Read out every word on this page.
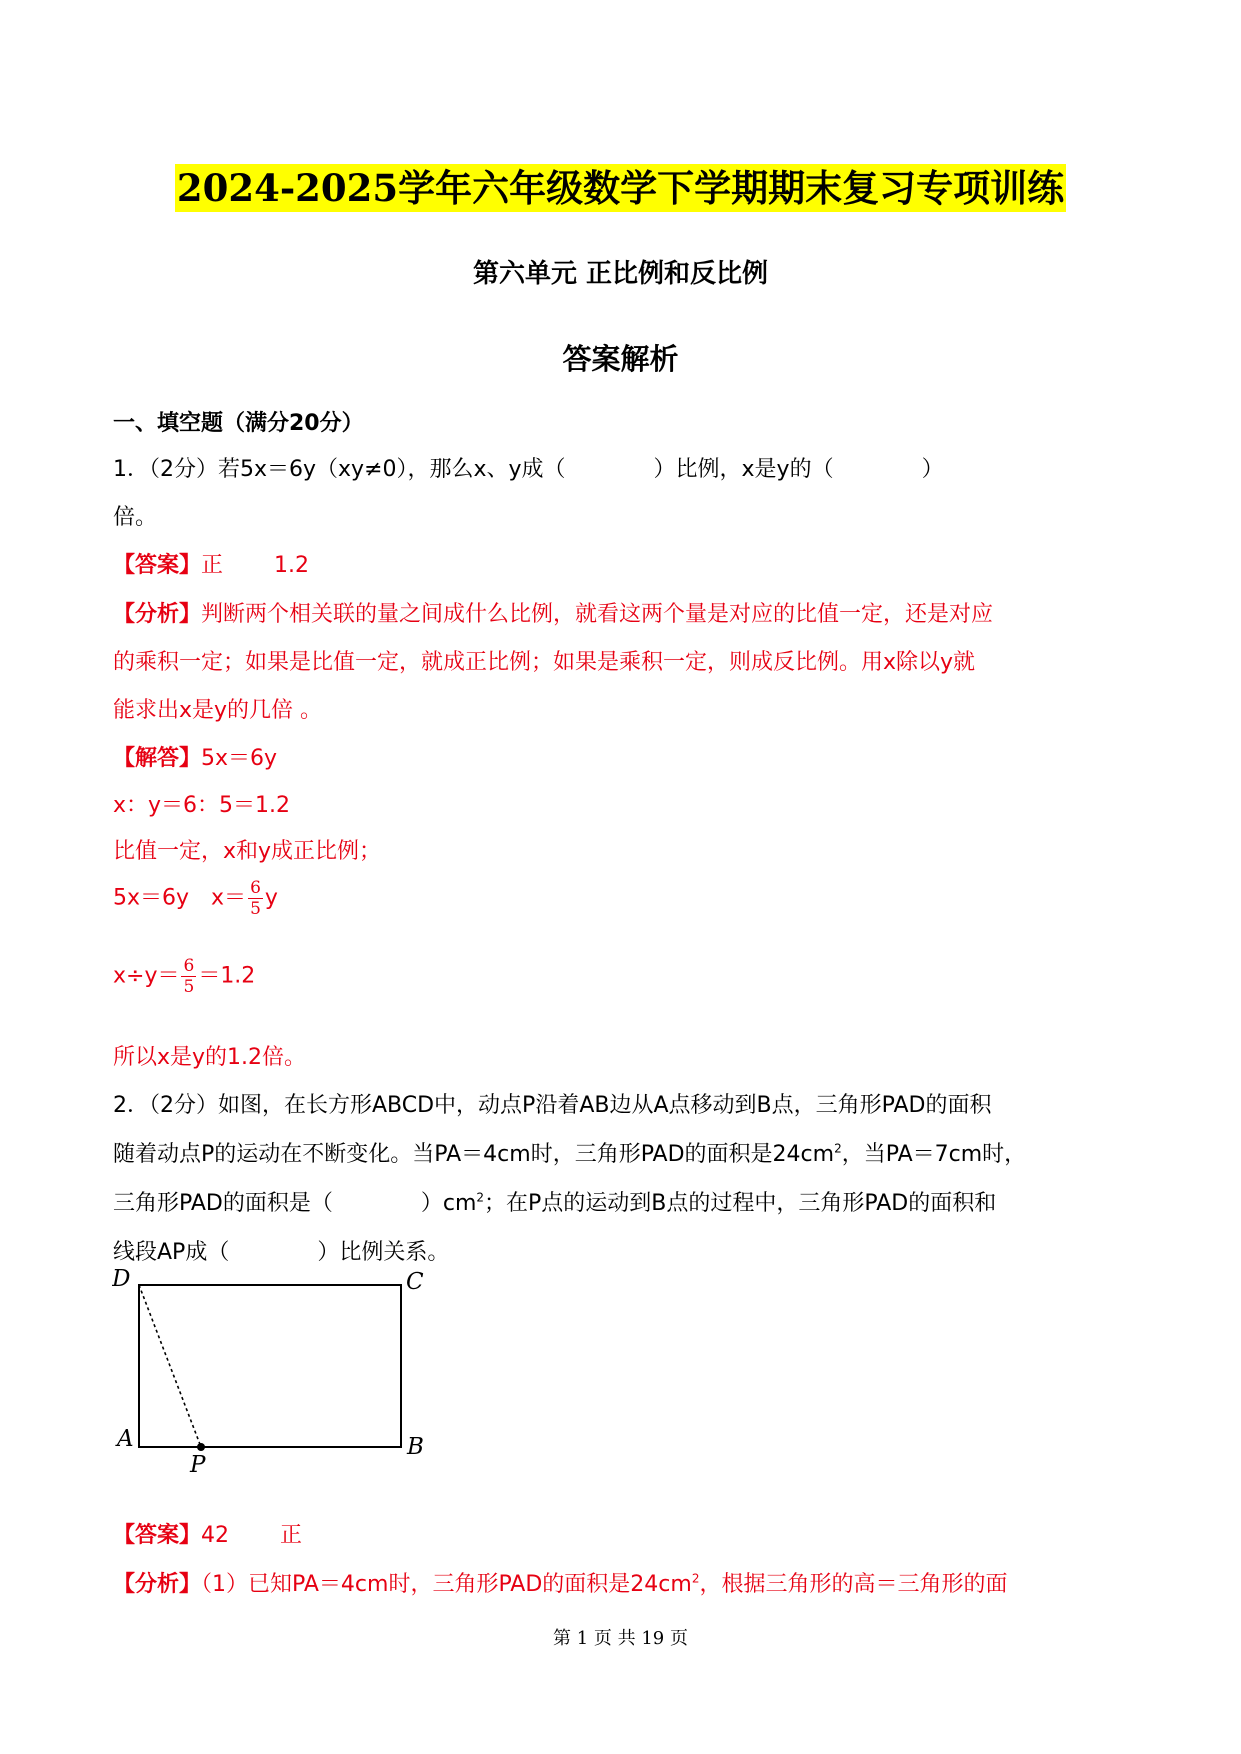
2024-2025学年六年级数学下学期期末复习专项训练
第六单元 正比例和反比例
答案解析
一、填空题（满分20分）
1．（2分）若5x＝6y（xy≠0），那么x、y成（　　　　）比例，x是y的（　　　　）
倍。
【答案】正　　 1.2
【分析】判断两个相关联的量之间成什么比例，就看这两个量是对应的比值一定，还是对应
的乘积一定；如果是比值一定，就成正比例；如果是乘积一定，则成反比例。用x除以y就
能求出x是y的几倍 。
【解答】5x＝6y
x：y＝6：5＝1.2
比值一定，x和y成正比例；
5x＝6y　$x= \frac{6}{5}$ y
$x\div y= \frac{6}{5} =1.2$
所以x是y的1.2倍。
2．（2分）如图，在长方形ABCD中，动点P沿着AB边从A点移动到B点，三角形PAD的面积
随着动点P的运动在不断变化。当PA＝4cm时，三角形PAD的面积是$24cm^2$，当PA＝7cm时，
三角形PAD的面积是（　　　　）$cm^2$；在P点的运动到B点的过程中，三角形PAD的面积和
线段AP成（　　　　）比例关系。
D	C
A	B
P
【答案】42　　 正
【分析】（1）已知PA＝4cm时，三角形PAD的面积是$24cm^2$，根据三角形的高＝三角形的面
第 1 页 共 19 页
